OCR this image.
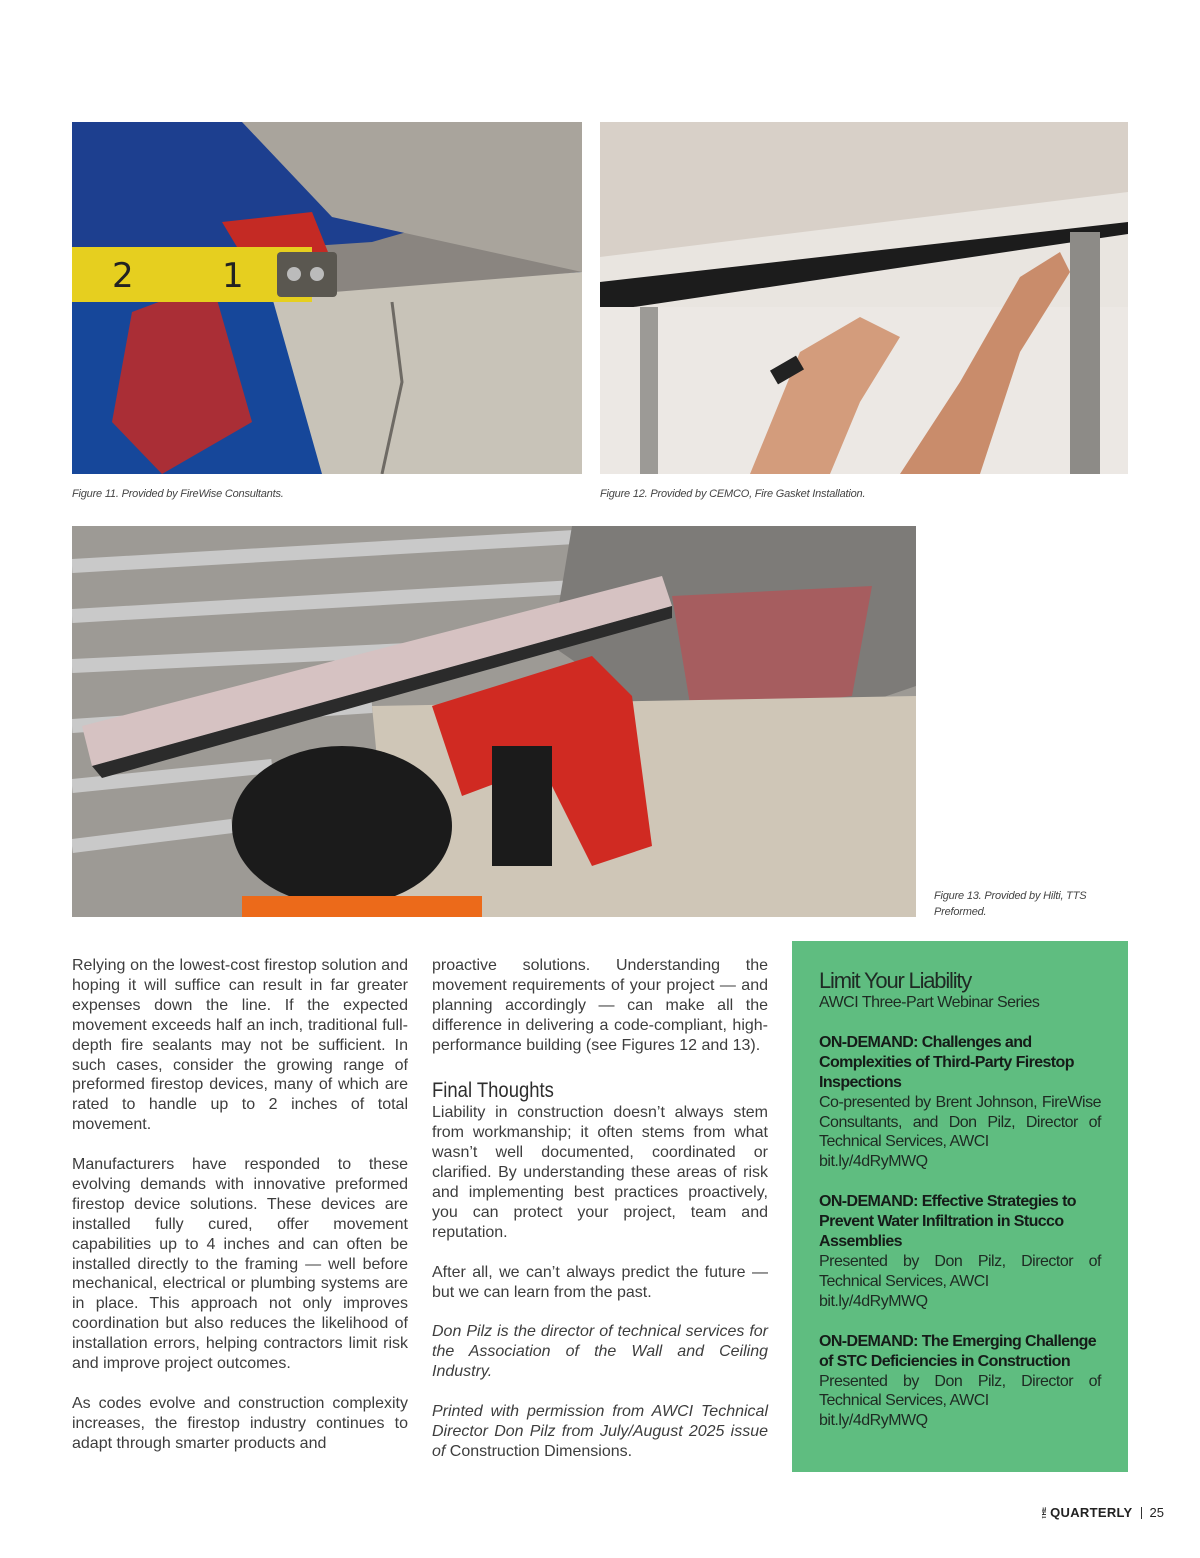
2	1
Figure 11. Provided by FireWise Consultants.	Figure 12. Provided by CEMCO, Fire Gasket Installation.
Figure 13. Provided by Hilti, TTS Preformed.

Relying on the lowest-cost firestop solution and hoping it will suffice can result in far greater expenses down the line. If the expected movement exceeds half an inch, traditional full-depth fire sealants may not be sufficient. In such cases, consider the growing range of preformed firestop devices, many of which are rated to handle up to 2 inches of total movement.

Manufacturers have responded to these evolving demands with innovative preformed firestop device solutions. These devices are installed fully cured, offer movement capabilities up to 4 inches and can often be installed directly to the framing — well before mechanical, electrical or plumbing systems are in place. This approach not only improves coordination but also reduces the likelihood of installation errors, helping contractors limit risk and improve project outcomes.

As codes evolve and construction complexity increases, the firestop industry continues to adapt through smarter products and

proactive solutions. Understanding the movement requirements of your project — and planning accordingly — can make all the difference in delivering a code-compliant, high-performance building (see Figures 12 and 13).

Final Thoughts

Liability in construction doesn’t always stem from workmanship; it often stems from what wasn’t well documented, coordinated or clarified. By understanding these areas of risk and implementing best practices proactively, you can protect your project, team and reputation.

After all, we can’t always predict the future — but we can learn from the past.

Don Pilz is the director of technical services for the Association of the Wall and Ceiling Industry.

Printed with permission from AWCI Technical Director Don Pilz from July/August 2025 issue of Construction Dimensions.

Limit Your Liability
AWCI Three-Part Webinar Series
ON-DEMAND: Challenges and Complexities of Third-Party Firestop Inspections
Co-presented by Brent Johnson, FireWise Consultants, and Don Pilz, Director of Technical Services, AWCI
bit.ly/4dRyMWQ
ON-DEMAND: Effective Strategies to Prevent Water Infiltration in Stucco Assemblies
Presented by Don Pilz, Director of Technical Services, AWCI
bit.ly/4dRyMWQ
ON-DEMAND: The Emerging Challenge of STC Deficiencies in Construction
Presented by Don Pilz, Director of Technical Services, AWCI
bit.ly/4dRyMWQ
THE QUARTERLY 25
